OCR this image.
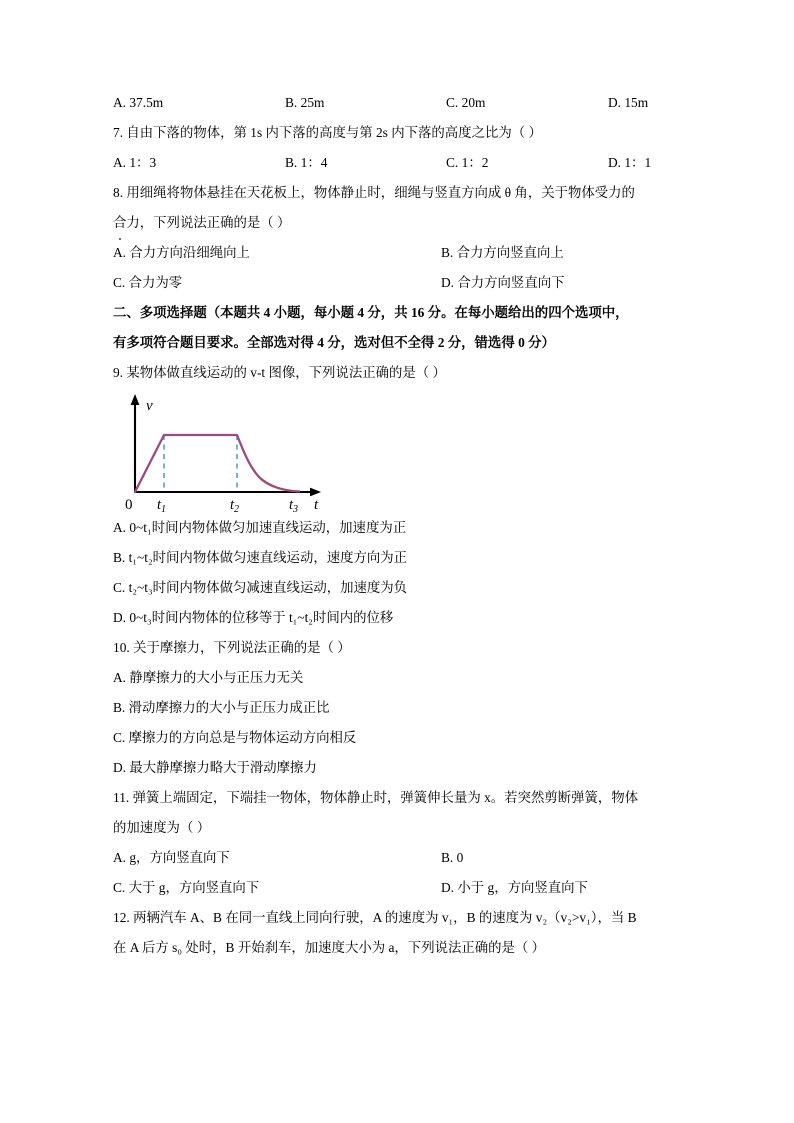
A. 37.5m	B. 25m	C. 20m	D. 15m
7. 自由下落的物体，第 1s 内下落的高度与第 2s 内下落的高度之比为（ ）
A. 1：3	B. 1：4	C. 1：2	D. 1：1
8. 用细绳将物体悬挂在天花板上，物体静止时，细绳与竖直方向成 θ 角，关于物体受力的
合力，下列说法正确的是（ ）
A. 合力方向沿细绳向上	B. 合力方向竖直向上
C. 合力为零	D. 合力方向竖直向下
二、多项选择题（本题共 4 小题，每小题 4 分，共 16 分。在每小题给出的四个选项中，
有多项符合题目要求。全部选对得 4 分，选对但不全得 2 分，错选得 0 分）
9. 某物体做直线运动的 v-t 图像，下列说法正确的是（ ）
v
0 $t_1$	$t_2$	$t_3$ t
A. 0~t₁时间内物体做匀加速直线运动，加速度为正
B. t₁~t₂时间内物体做匀速直线运动，速度方向为正
C. t₂~t₃时间内物体做匀减速直线运动，加速度为负
D. 0~t₃时间内物体的位移等于 t₁~t₂时间内的位移
10. 关于摩擦力，下列说法正确的是（ ）
A. 静摩擦力的大小与正压力无关
B. 滑动摩擦力的大小与正压力成正比
C. 摩擦力的方向总是与物体运动方向相反
D. 最大静摩擦力略大于滑动摩擦力
11. 弹簧上端固定，下端挂一物体，物体静止时，弹簧伸长量为 x。若突然剪断弹簧，物体
的加速度为（ ）
A. g，方向竖直向下	B. 0
C. 大于 g，方向竖直向下	D. 小于 g，方向竖直向下
12. 两辆汽车 A、B 在同一直线上同向行驶，A 的速度为 v₁，B 的速度为 v₂（v₂>v₁），当 B
在 A 后方 s₀ 处时，B 开始刹车，加速度大小为 a，下列说法正确的是（ ）
